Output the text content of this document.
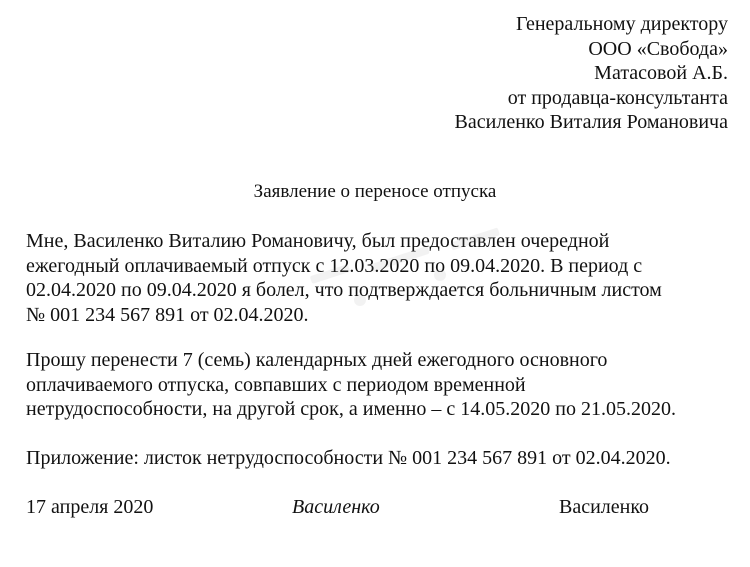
Генеральному директору
ООО «Свобода»
Матасовой А.Б.
от продавца-консультанта
Василенко Виталия Романовича
Заявление о переносе отпуска
Мне, Василенко Виталию Романовичу, был предоставлен очередной
ежегодный оплачиваемый отпуск с 12.03.2020 по 09.04.2020. В период с
02.04.2020 по 09.04.2020 я болел, что подтверждается больничным листом
№ 001 234 567 891 от 02.04.2020.
Прошу перенести 7 (семь) календарных дней ежегодного основного
оплачиваемого отпуска, совпавших с периодом временной
нетрудоспособности, на другой срок, а именно – с 14.05.2020 по 21.05.2020.
Приложение: листок нетрудоспособности № 001 234 567 891 от 02.04.2020.
17 апреля 2020	Василенко	Василенко
